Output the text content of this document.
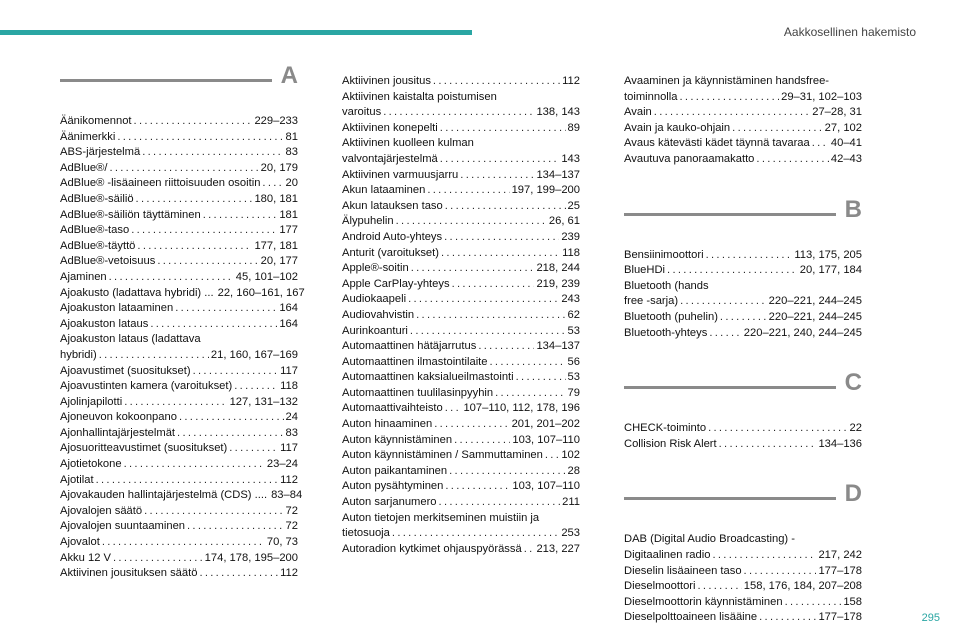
Aakkosellinen hakemisto
A
Äänikomennot . . .	229–233
Äänimerkki . . .	81
ABS-järjestelmä . . .	83
AdBlue®/ . . .	20, 179
AdBlue® -lisäaineen riittoisuuden osoitin . . . 20
AdBlue®-säiliö . . .	180, 181
AdBlue®-säiliön täyttäminen . . .	181
AdBlue®-taso . . .	177
AdBlue®-täyttö . . .	177, 181
AdBlue®-vetoisuus . . .	20, 177
Ajaminen . . .	45, 101–102
Ajoakusto (ladattava hybridi) ... 22, 160–161, 167
Ajoakuston lataaminen . . .	164
Ajoakuston lataus . . .	164
Ajoakuston lataus (ladattava
hybridi) . . .	21, 160, 167–169
Ajoavustimet (suositukset) . . .	117
Ajoavustinten kamera (varoitukset) . . .	118
Ajolinjapilotti . . .	127, 131–132
Ajoneuvon kokoonpano . . .	24
Ajonhallintajärjestelmät . . .	83
Ajosuoritteavustimet (suositukset) . . .	117
Ajotietokone . . .	23–24
Ajotilat . . .	112
Ajovakauden hallintajärjestelmä (CDS) .... 83–84
Ajovalojen säätö . . .	72
Ajovalojen suuntaaminen . . .	72
Ajovalot . . .	70, 73
Akku 12 V . . .	174, 178, 195–200
Aktiivinen jousituksen säätö . . .	112
Aktiivinen jousitus . . .	112
Aktiivinen kaistalta poistumisen
varoitus . . .	138, 143
Aktiivinen konepelti . . .	89
Aktiivinen kuolleen kulman
valvontajärjestelmä . . .	143
Aktiivinen varmuusjarru . . .	134–137
Akun lataaminen . . .	197, 199–200
Akun latauksen taso . . .	25
Älypuhelin . . .	26, 61
Android Auto-yhteys . . .	239
Anturit (varoitukset) . . .	118
Apple®-soitin . . .	218, 244
Apple CarPlay-yhteys . . .	219, 239
Audiokaapeli . . .	243
Audiovahvistin . . .	62
Aurinkoanturi . . .	53
Automaattinen hätäjarrutus . . .	134–137
Automaattinen ilmastointilaite . . .	56
Automaattinen kaksialueilmastointi . . .	53
Automaattinen tuulilasinpyyhin . . .	79
Automaattivaihteisto . . . 107–110, 112, 178, 196
Auton hinaaminen . . .	201, 201–202
Auton käynnistäminen . . .	103, 107–110
Auton käynnistäminen / Sammuttaminen . . . 102
Auton paikantaminen . . .	28
Auton pysähtyminen . . .	103, 107–110
Auton sarjanumero . . .	211
Auton tietojen merkitseminen muistiin ja
tietosuoja . . .	253
Autoradion kytkimet ohjauspyörässä . . . 213, 227
Avaaminen ja käynnistäminen handsfree-
toiminnolla . . .	29–31, 102–103
Avain . . .	27–28, 31
Avain ja kauko-ohjain . . .	27, 102
Avaus kätevästi kädet täynnä tavaraa . . . 40–41
Avautuva panoraamakatto . . .	42–43
B
Bensiinimoottori . . .	113, 175, 205
BlueHDi . . .	20, 177, 184
Bluetooth (hands
free -sarja) . . .	220–221, 244–245
Bluetooth (puhelin) . . .	220–221, 244–245
Bluetooth-yhteys . . .	220–221, 240, 244–245
C
CHECK-toiminto . . .	22
Collision Risk Alert . . .	134–136
D
DAB (Digital Audio Broadcasting) -
Digitaalinen radio . . .	217, 242
Dieselin lisäaineen taso . . .	177–178
Dieselmoottori . . .	158, 176, 184, 207–208
Dieselmoottorin käynnistäminen . . .	158
Dieselpolttoaineen lisääine . . .	177–178	295
